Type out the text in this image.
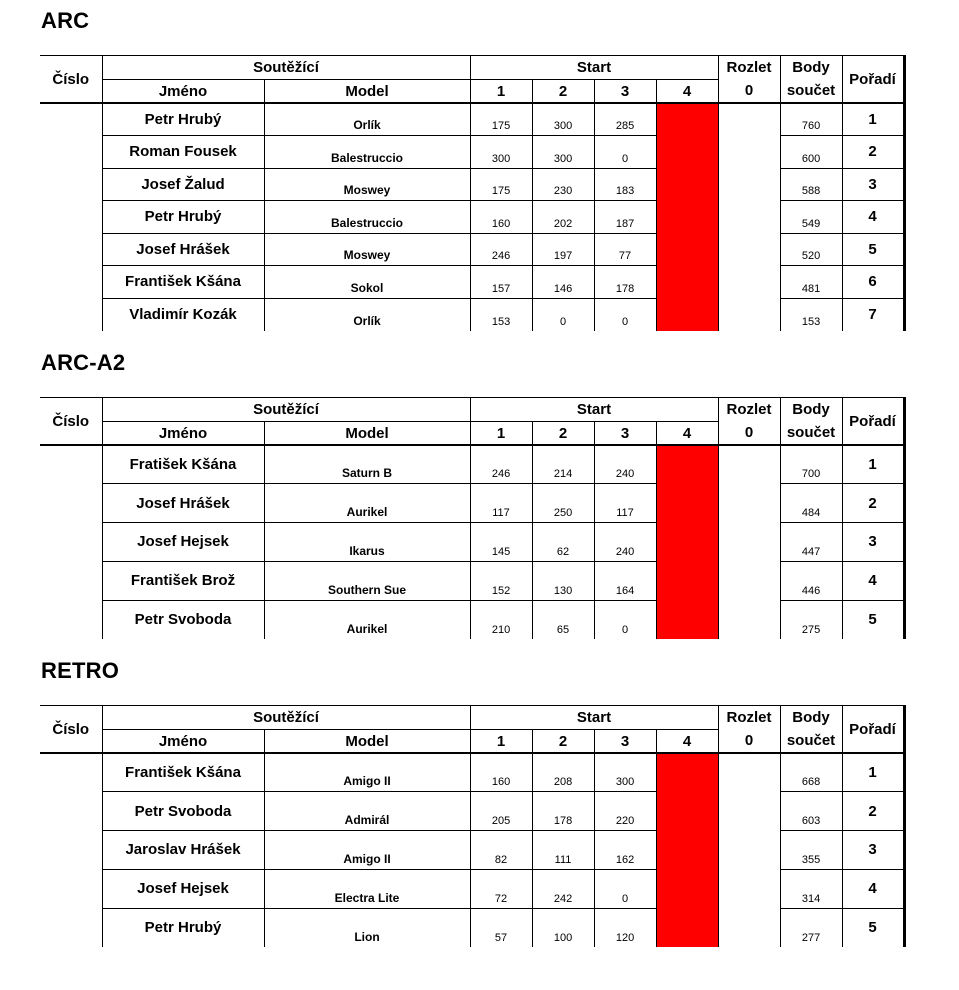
ARC
Číslo	Soutěžící		Start				Rozlet	Body	Pořadí
	Jméno	Model	1	2	3	4	0	součet	
	Petr Hrubý	Orlík	175	300	285			760	1
	Roman Fousek	Balestruccio	300	300	0			600	2
	Josef Žalud	Moswey	175	230	183			588	3
	Petr Hrubý	Balestruccio	160	202	187			549	4
	Josef Hrášek	Moswey	246	197	77			520	5
	František Kšána	Sokol	157	146	178			481	6
	Vladimír Kozák	Orlík	153	0	0			153	7
ARC-A2
Číslo	Soutěžící		Start				Rozlet	Body	Pořadí
	Jméno	Model	1	2	3	4	0	součet	
	Fratišek Kšána	Saturn B	246	214	240			700	1
	Josef Hrášek	Aurikel	117	250	117			484	2
	Josef Hejsek	Ikarus	145	62	240			447	3
	František Brož	Southern Sue	152	130	164			446	4
	Petr Svoboda	Aurikel	210	65	0			275	5
RETRO
Číslo	Soutěžící		Start				Rozlet	Body	Pořadí
	Jméno	Model	1	2	3	4	0	součet	
	František Kšána	Amigo II	160	208	300			668	1
	Petr Svoboda	Admirál	205	178	220			603	2
	Jaroslav Hrášek	Amigo II	82	111	162			355	3
	Josef Hejsek	Electra Lite	72	242	0			314	4
	Petr Hrubý	Lion	57	100	120			277	5
